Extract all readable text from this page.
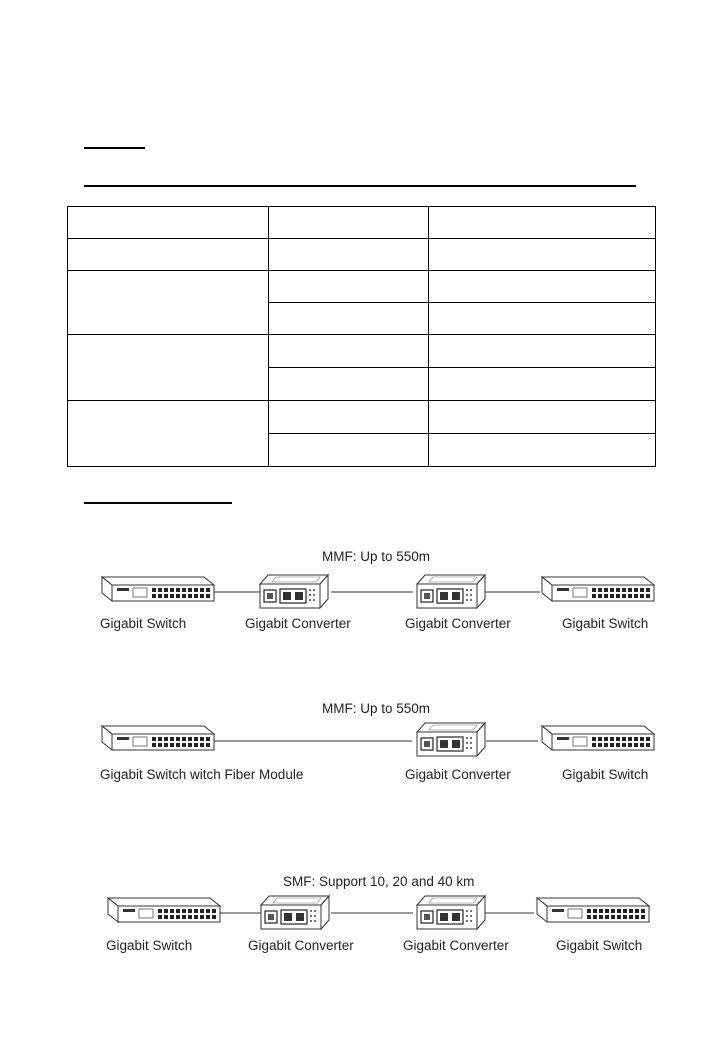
MMF: Up to 550m
Gigabit Switch	Gigabit Converter	Gigabit Converter	Gigabit Switch
MMF: Up to 550m
Gigabit Switch witch Fiber Module	Gigabit Converter	Gigabit Switch
SMF: Support 10, 20 and 40 km
Gigabit Switch	Gigabit Converter	Gigabit Converter	Gigabit Switch
